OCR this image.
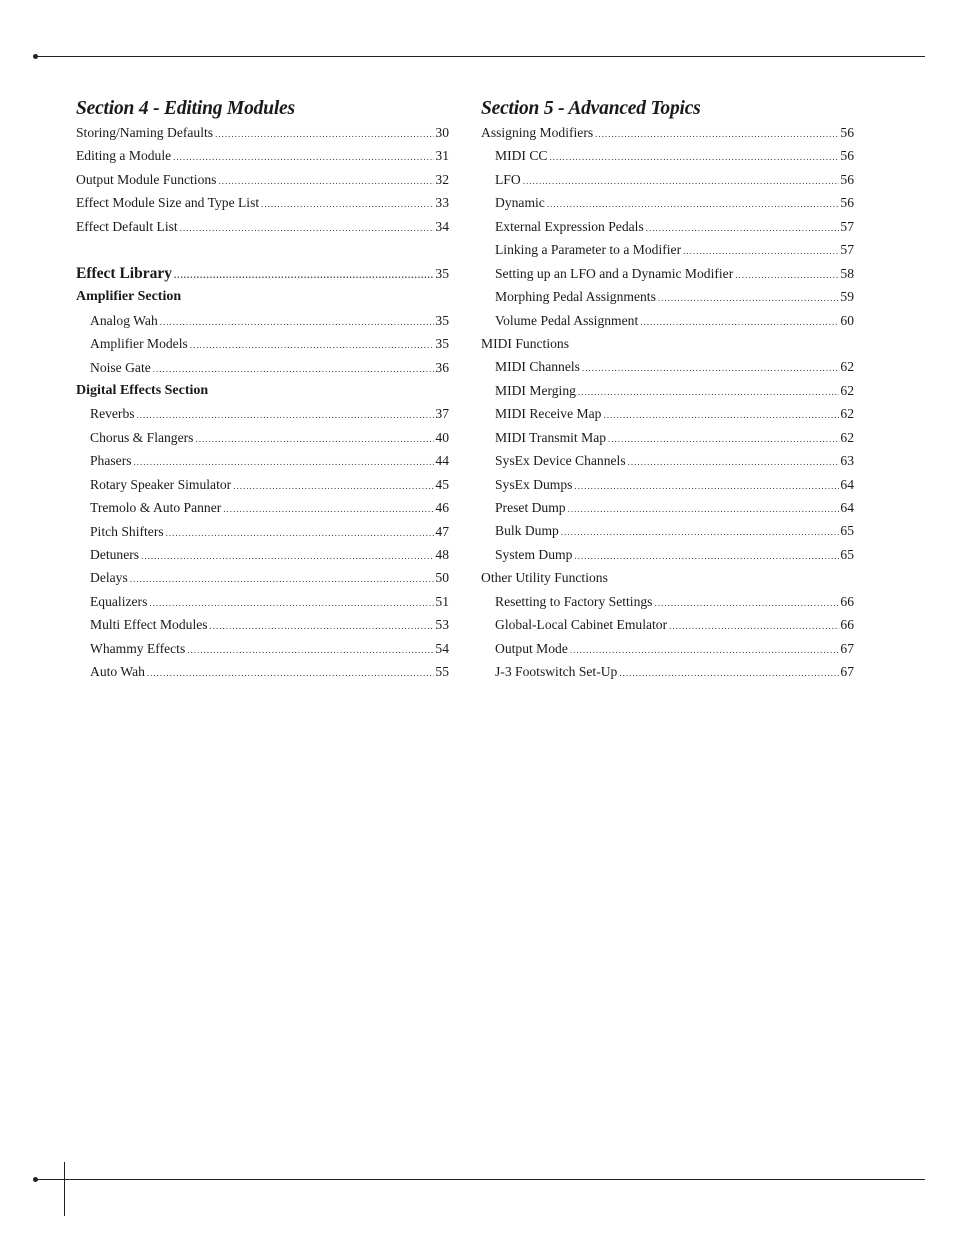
Section 4 - Editing Modules
Storing/Naming Defaults .....	30
Editing a Module .....	31
Output Module Functions .....	32
Effect Module Size and Type List .....	33
Effect Default List .....	34
Effect Library .....	35
Amplifier Section
Analog Wah .....	35
Amplifier Models .....	35
Noise Gate .....	36
Digital Effects Section
Reverbs .....	37
Chorus & Flangers .....	40
Phasers .....	44
Rotary Speaker Simulator .....	45
Tremolo & Auto Panner .....	46
Pitch Shifters .....	47
Detuners .....	48
Delays .....	50
Equalizers .....	51
Multi Effect Modules .....	53
Whammy Effects .....	54
Auto Wah .....	55
Section 5 - Advanced Topics
Assigning Modifiers .....	56
MIDI CC .....	56
LFO .....	56
Dynamic .....	56
External Expression Pedals .....	57
Linking a Parameter to a Modifier .....	57
Setting up an LFO and a Dynamic Modifier .....	58
Morphing Pedal Assignments .....	59
Volume Pedal Assignment .....	60
MIDI Functions
MIDI Channels .....	62
MIDI Merging .....	62
MIDI Receive Map .....	62
MIDI Transmit Map .....	62
SysEx Device Channels .....	63
SysEx Dumps .....	64
Preset Dump .....	64
Bulk Dump .....	65
System Dump .....	65
Other Utility Functions
Resetting to Factory Settings .....	66
Global-Local Cabinet Emulator .....	66
Output Mode .....	67
J-3 Footswitch Set-Up .....	67
